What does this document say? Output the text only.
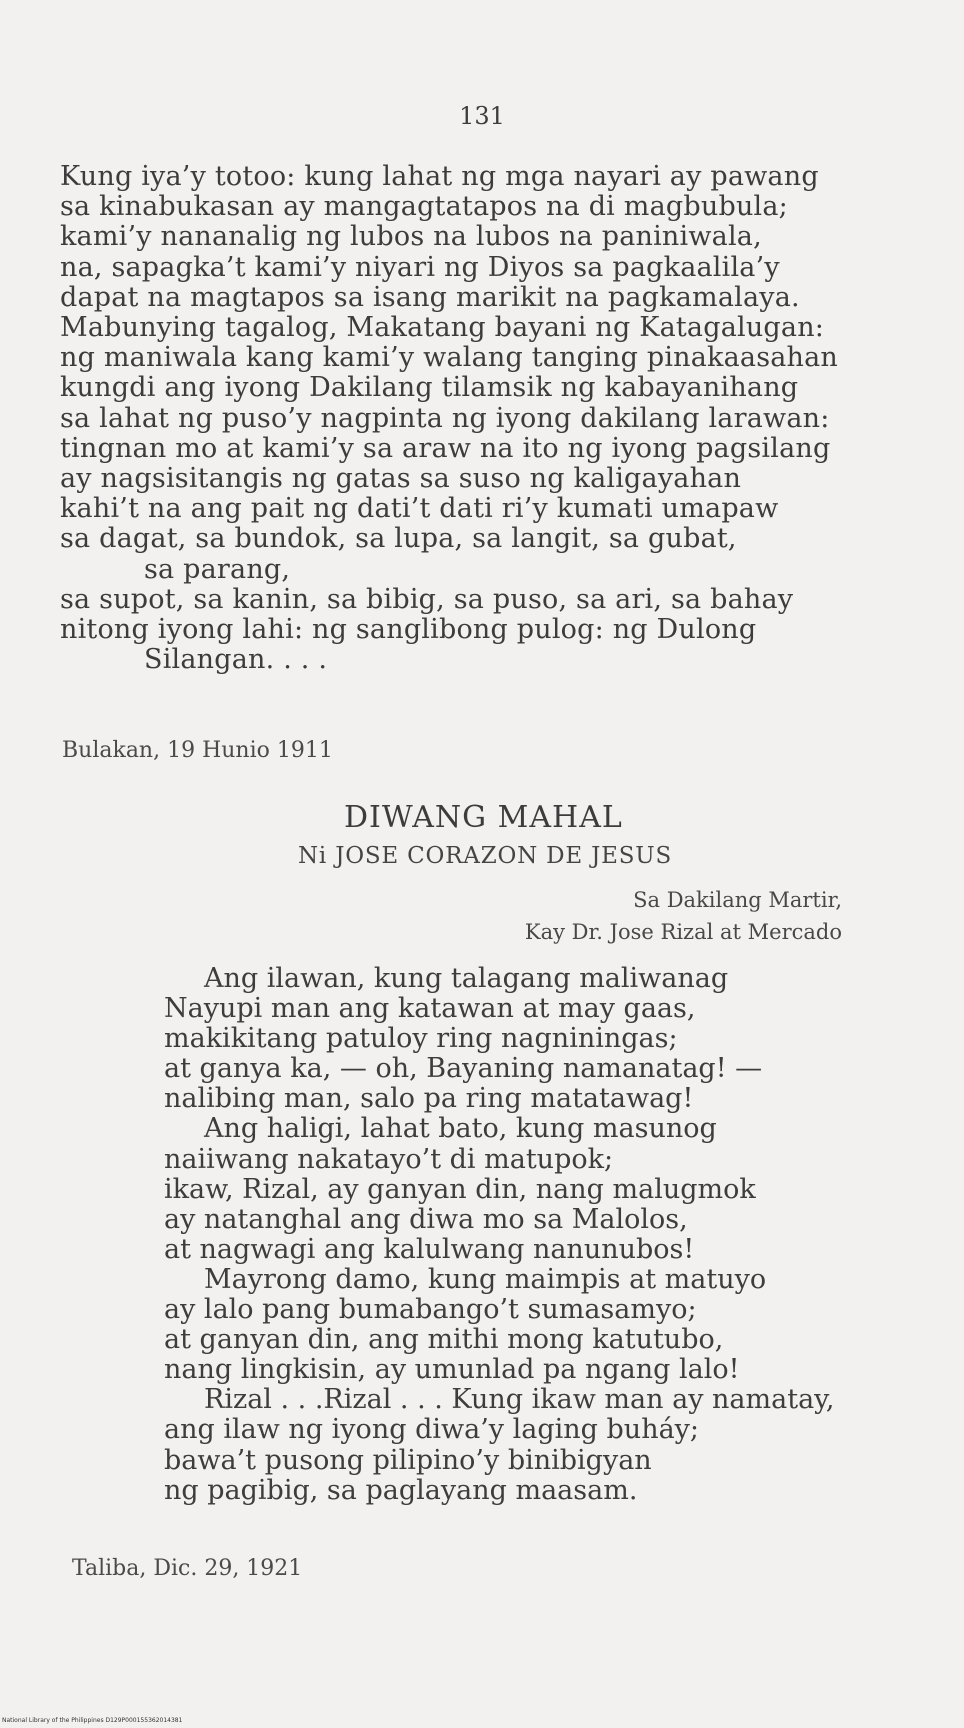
131
Kung iya’y totoo: kung lahat ng mga nayari ay pawang
sa kinabukasan ay mangagtatapos na di magbubula;
kami’y nananalig ng lubos na lubos na paniniwala,
na, sapagka’t kami’y niyari ng Diyos sa pagkaalila’y
dapat na magtapos sa isang marikit na pagkamalaya.
Mabunying tagalog, Makatang bayani ng Katagalugan:
ng maniwala kang kami’y walang tanging pinakaasahan
kungdi ang iyong Dakilang tilamsik ng kabayanihang
sa lahat ng puso’y nagpinta ng iyong dakilang larawan:
tingnan mo at kami’y sa araw na ito ng iyong pagsilang
ay nagsisitangis ng gatas sa suso ng kaligayahan
kahi’t na ang pait ng dati’t dati ri’y kumati umapaw
sa dagat, sa bundok, sa lupa, sa langit, sa gubat,
sa parang,
sa supot, sa kanin, sa bibig, sa puso, sa ari, sa bahay
nitong iyong lahi: ng sanglibong pulog: ng Dulong
Silangan. . . .
Bulakan, 19 Hunio 1911
DIWANG MAHAL
Ni JOSE CORAZON DE JESUS
Sa Dakilang Martir,
Kay Dr. Jose Rizal at Mercado
Ang ilawan, kung talagang maliwanag
Nayupi man ang katawan at may gaas,
makikitang patuloy ring nagniningas;
at ganya ka, — oh, Bayaning namanatag! —
nalibing man, salo pa ring matatawag!
Ang haligi, lahat bato, kung masunog
naiiwang nakatayo’t di matupok;
ikaw, Rizal, ay ganyan din, nang malugmok
ay natanghal ang diwa mo sa Malolos,
at nagwagi ang kalulwang nanunubos!
Mayrong damo, kung maimpis at matuyo
ay lalo pang bumabango’t sumasamyo;
at ganyan din, ang mithi mong katutubo,
nang lingkisin, ay umunlad pa ngang lalo!
Rizal . . .Rizal . . . Kung ikaw man ay namatay,
ang ilaw ng iyong diwa’y laging buháy;
bawa’t pusong pilipino’y binibigyan
ng pagibig, sa paglayang maasam.
Taliba, Dic. 29, 1921
National Library of the Philippines D129P000155362014381
